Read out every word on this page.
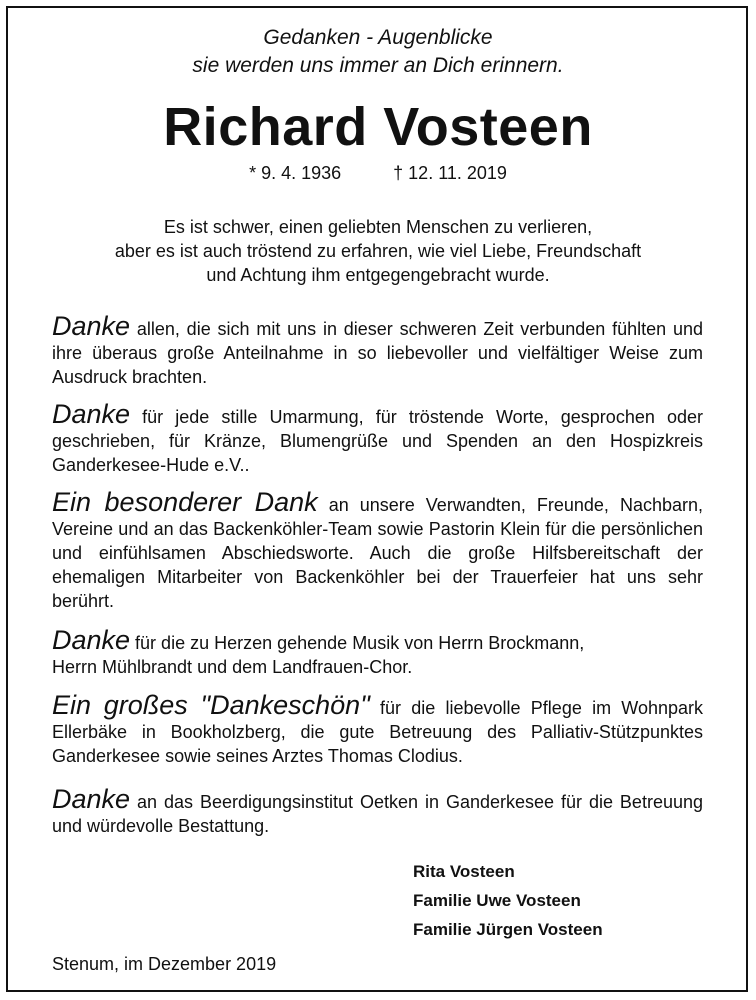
Gedanken - Augenblicke
sie werden uns immer an Dich erinnern.
Richard Vosteen
* 9. 4. 1936	† 12. 11. 2019
Es ist schwer, einen geliebten Menschen zu verlieren,
aber es ist auch tröstend zu erfahren, wie viel Liebe, Freundschaft
und Achtung ihm entgegengebracht wurde.
Danke allen, die sich mit uns in dieser schweren Zeit verbunden fühlten und ihre überaus große Anteilnahme in so liebevoller und vielfältiger Weise zum Ausdruck brachten.
Danke für jede stille Umarmung, für tröstende Worte, gesprochen oder geschrieben, für Kränze, Blumengrüße und Spenden an den Hospizkreis Ganderkesee-Hude e.V..
Ein besonderer Dank an unsere Verwandten, Freunde, Nachbarn, Vereine und an das Backenköhler-Team sowie Pastorin Klein für die persönlichen und einfühlsamen Abschiedsworte. Auch die große Hilfsbereitschaft der ehemaligen Mitarbeiter von Backenköhler bei der Trauerfeier hat uns sehr berührt.
Danke für die zu Herzen gehende Musik von Herrn Brockmann,
Herrn Mühlbrandt und dem Landfrauen-Chor.
Ein großes "Dankeschön" für die liebevolle Pflege im Wohnpark Ellerbäke in Bookholzberg, die gute Betreuung des Palliativ-Stützpunktes Ganderkesee sowie seines Arztes Thomas Clodius.
Danke an das Beerdigungsinstitut Oetken in Ganderkesee für die Betreuung und würdevolle Bestattung.
Rita Vosteen
Familie Uwe Vosteen
Familie Jürgen Vosteen
Stenum, im Dezember 2019
